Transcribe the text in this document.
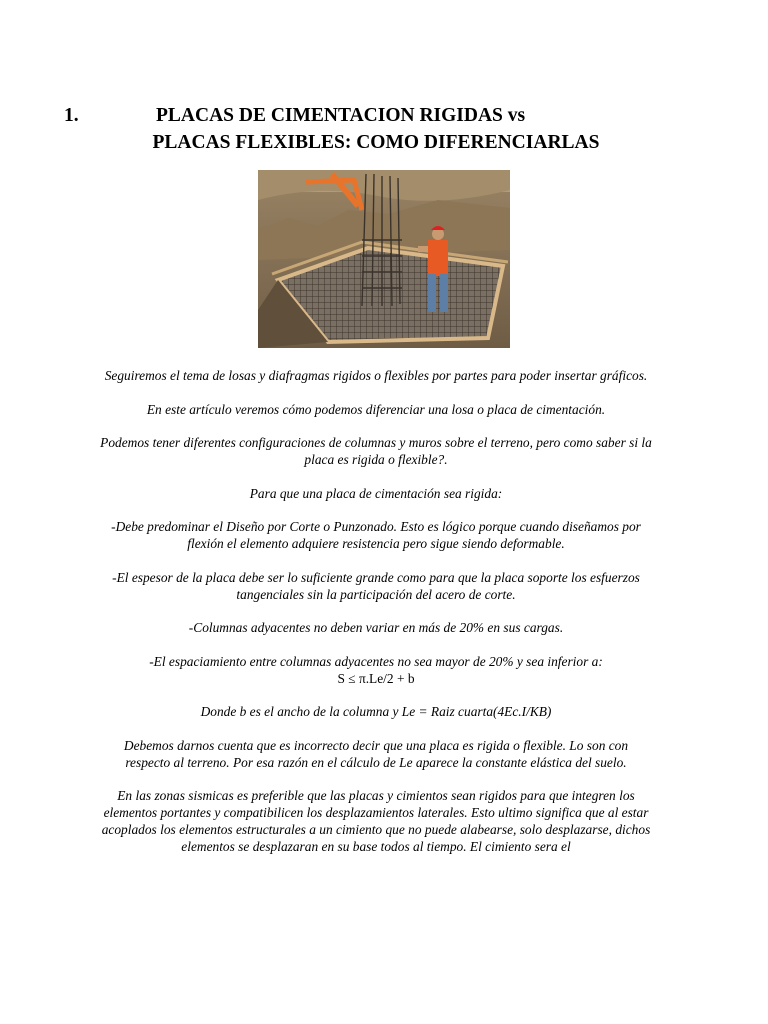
1.	PLACAS DE CIMENTACION RIGIDAS vs
PLACAS FLEXIBLES: COMO DIFERENCIARLAS

Seguiremos el tema de losas y diafragmas rigidos o flexibles por partes para poder insertar gráficos.

En este artículo veremos cómo podemos diferenciar una losa o placa de cimentación.

Podemos tener diferentes configuraciones de columnas y muros sobre el terreno, pero como saber si la placa es rigida o flexible?.

Para que una placa de cimentación sea rigida:

-Debe predominar el Diseño por Corte o Punzonado. Esto es lógico porque cuando diseñamos por flexión el elemento adquiere resistencia pero sigue siendo deformable.

-El espesor de la placa debe ser lo suficiente grande como para que la placa soporte los esfuerzos tangenciales sin la participación del acero de corte.

-Columnas adyacentes no deben variar en más de 20% en sus cargas.

-El espaciamiento entre columnas adyacentes no sea mayor de 20% y sea inferior a:

S ≤ π.Le/2 + b

Donde b es el ancho de la columna y Le = Raiz cuarta(4Ec.I/KB)

Debemos darnos cuenta que es incorrecto decir que una placa es rigida o flexible. Lo son con respecto al terreno. Por esa razón en el cálculo de Le aparece la constante elástica del suelo.

En las zonas sismicas es preferible que las placas y cimientos sean rigidos para que integren los elementos portantes y compatibilicen los desplazamientos laterales. Esto ultimo significa que al estar acoplados los elementos estructurales a un cimiento que no puede alabearse, solo desplazarse, dichos elementos se desplazaran en su base todos al tiempo. El cimiento sera el
